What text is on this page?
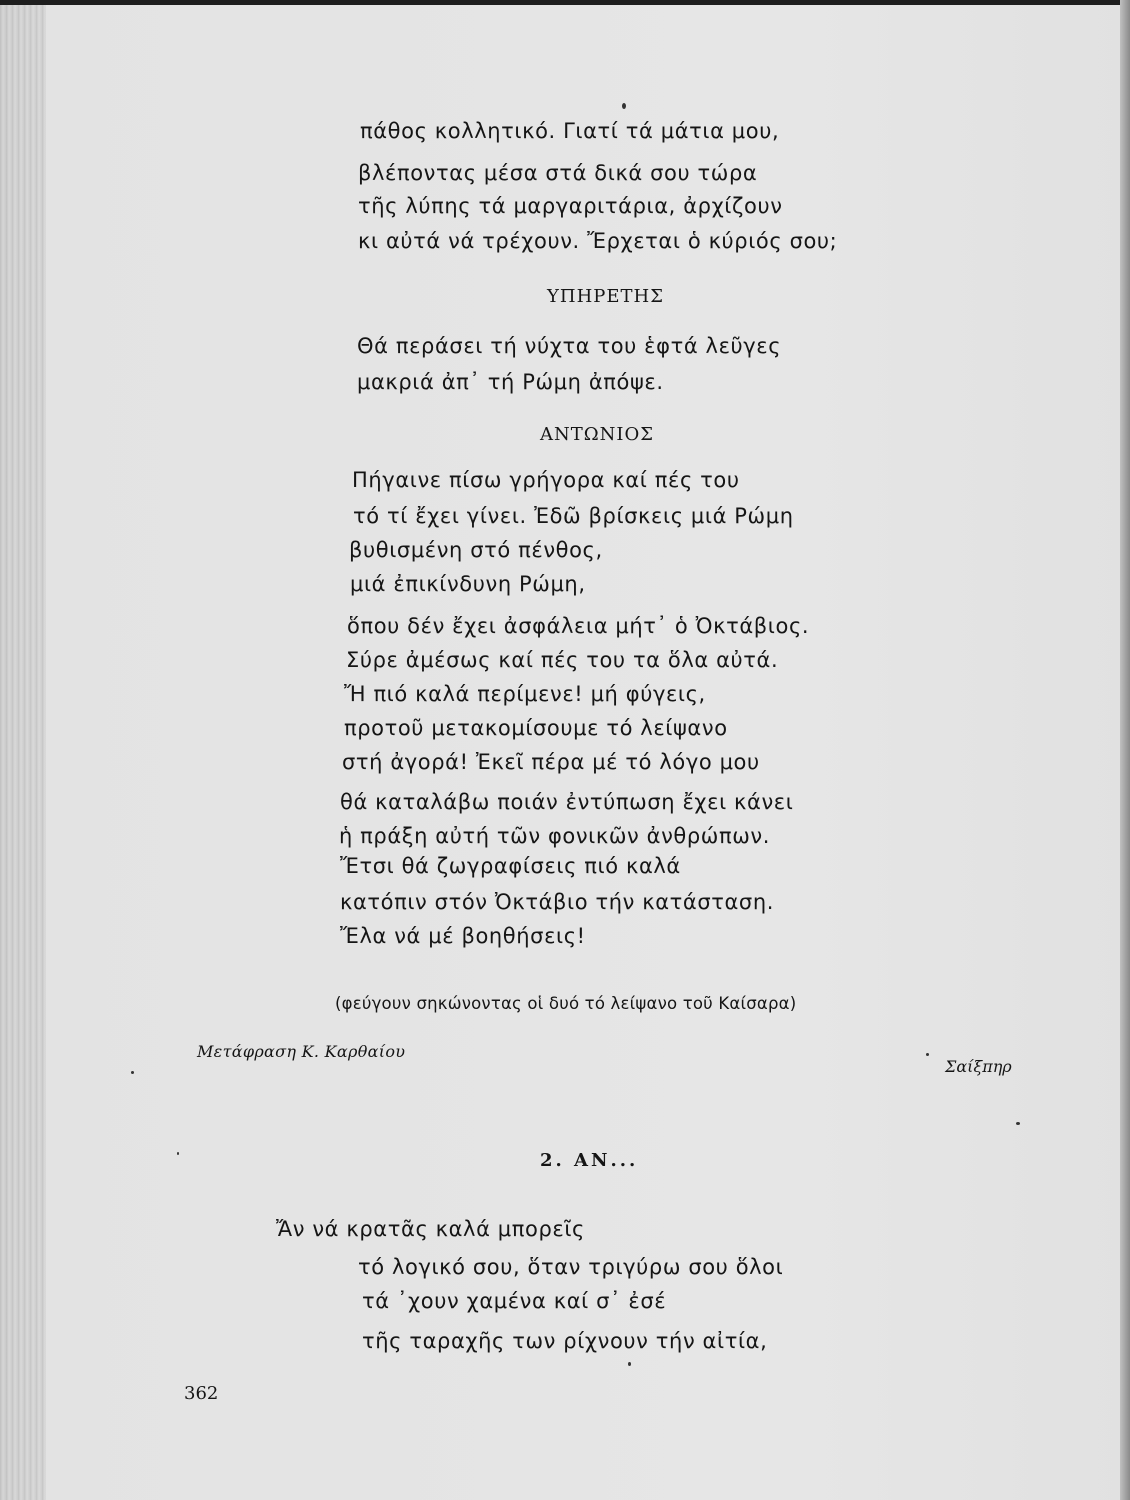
πάθος κολλητικό. Γιατί τά μάτια μου,
βλέποντας μέσα στά δικά σου τώρα
τῆς λύπης τά μαργαριτάρια, ἀρχίζουν
κι αὐτά νά τρέχουν. Ἔρχεται ὁ κύριός σου;
ΥΠΗΡΕΤΗΣ
Θά περάσει τή νύχτα του ἑφτά λεῦγες
μακριά ἀπ᾿ τή Ρώμη ἀπόψε.
ΑΝΤΩΝΙΟΣ
Πήγαινε πίσω γρήγορα καί πές του
τό τί ἔχει γίνει. Ἐδῶ βρίσκεις μιά Ρώμη
βυθισμένη στό πένθος,
μιά ἐπικίνδυνη Ρώμη,
ὅπου δέν ἔχει ἀσφάλεια μήτ᾿ ὁ Ὀκτάβιος.
Σύρε ἀμέσως καί πές του τα ὅλα αὐτά.
Ἤ πιό καλά περίμενε! μή φύγεις,
προτοῦ μετακομίσουμε τό λείψανο
στή ἀγορά! Ἐκεῖ πέρα μέ τό λόγο μου
θά καταλάβω ποιάν ἐντύπωση ἔχει κάνει
ἡ πράξη αὐτή τῶν φονικῶν ἀνθρώπων.
Ἔτσι θά ζωγραφίσεις πιό καλά
κατόπιν στόν Ὀκτάβιο τήν κατάσταση.
Ἔλα νά μέ βοηθήσεις!
(φεύγουν σηκώνοντας οἱ δυό τό λείψανο τοῦ Καίσαρα)
Μετάφραση Κ. Καρθαίου
Σαίξπηρ
2. ΑΝ...
Ἄν νά κρατᾶς καλά μπορεῖς
τό λογικό σου, ὅταν τριγύρω σου ὅλοι
τά ᾿χουν χαμένα καί σ᾿ ἐσέ
τῆς ταραχῆς των ρίχνουν τήν αἰτία,
362
